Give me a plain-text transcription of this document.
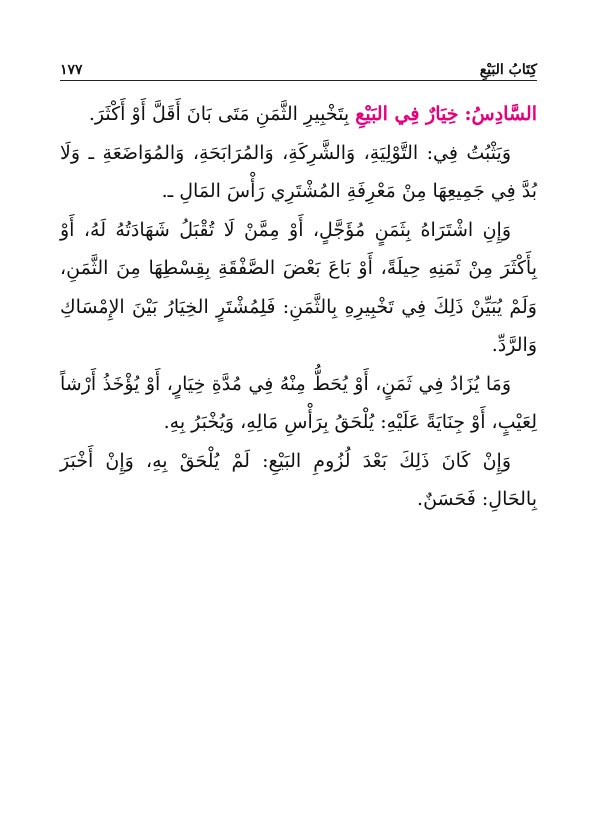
كِتَابُ البَيْعِ
١٧٧

السَّادِسُ: خِيَارٌ فِي البَيْعِ بِتَخْبِيرِ الثَّمَنِ مَتَى بَانَ أَقَلَّ أَوْ أَكْثَرَ.

وَيَثْبُتُ فِي: التَّوْلِيَةِ، وَالشَّرِكَةِ، وَالمُرَابَحَةِ، وَالمُوَاضَعَةِ ـ وَلَا بُدَّ فِي جَمِيعِهَا مِنْ مَعْرِفَةِ المُشْتَرِي رَأْسَ المَالِ ـ.

وَإِنِ اشْتَرَاهُ بِثَمَنٍ مُؤَجَّلٍ، أَوْ مِمَّنْ لَا تُقْبَلُ شَهَادَتُهُ لَهُ، أَوْ بِأَكْثَرَ مِنْ ثَمَنِهِ حِيلَةً، أَوْ بَاعَ بَعْضَ الصَّفْقَةِ بِقِسْطِهَا مِنَ الثَّمَنِ، وَلَمْ يُبَيِّنْ ذَلِكَ فِي تَخْبِيرِهِ بِالثَّمَنِ: فَلِمُشْتَرٍ الخِيَارُ بَيْنَ الإِمْسَاكِ وَالرَّدِّ.

وَمَا يُزَادُ فِي ثَمَنٍ، أَوْ يُحَطُّ مِنْهُ فِي مُدَّةِ خِيَارٍ، أَوْ يُؤْخَذُ أَرْشاً لِعَيْبٍ، أَوْ جِنَايَةً عَلَيْهِ: يُلْحَقُ بِرَأْسِ مَالِهِ، وَيُخْبَرُ بِهِ.

وَإِنْ كَانَ ذَلِكَ بَعْدَ لُزُومِ البَيْعِ: لَمْ يُلْحَقْ بِهِ، وَإِنْ أَخْبَرَ بِالحَالِ: فَحَسَنٌ.
